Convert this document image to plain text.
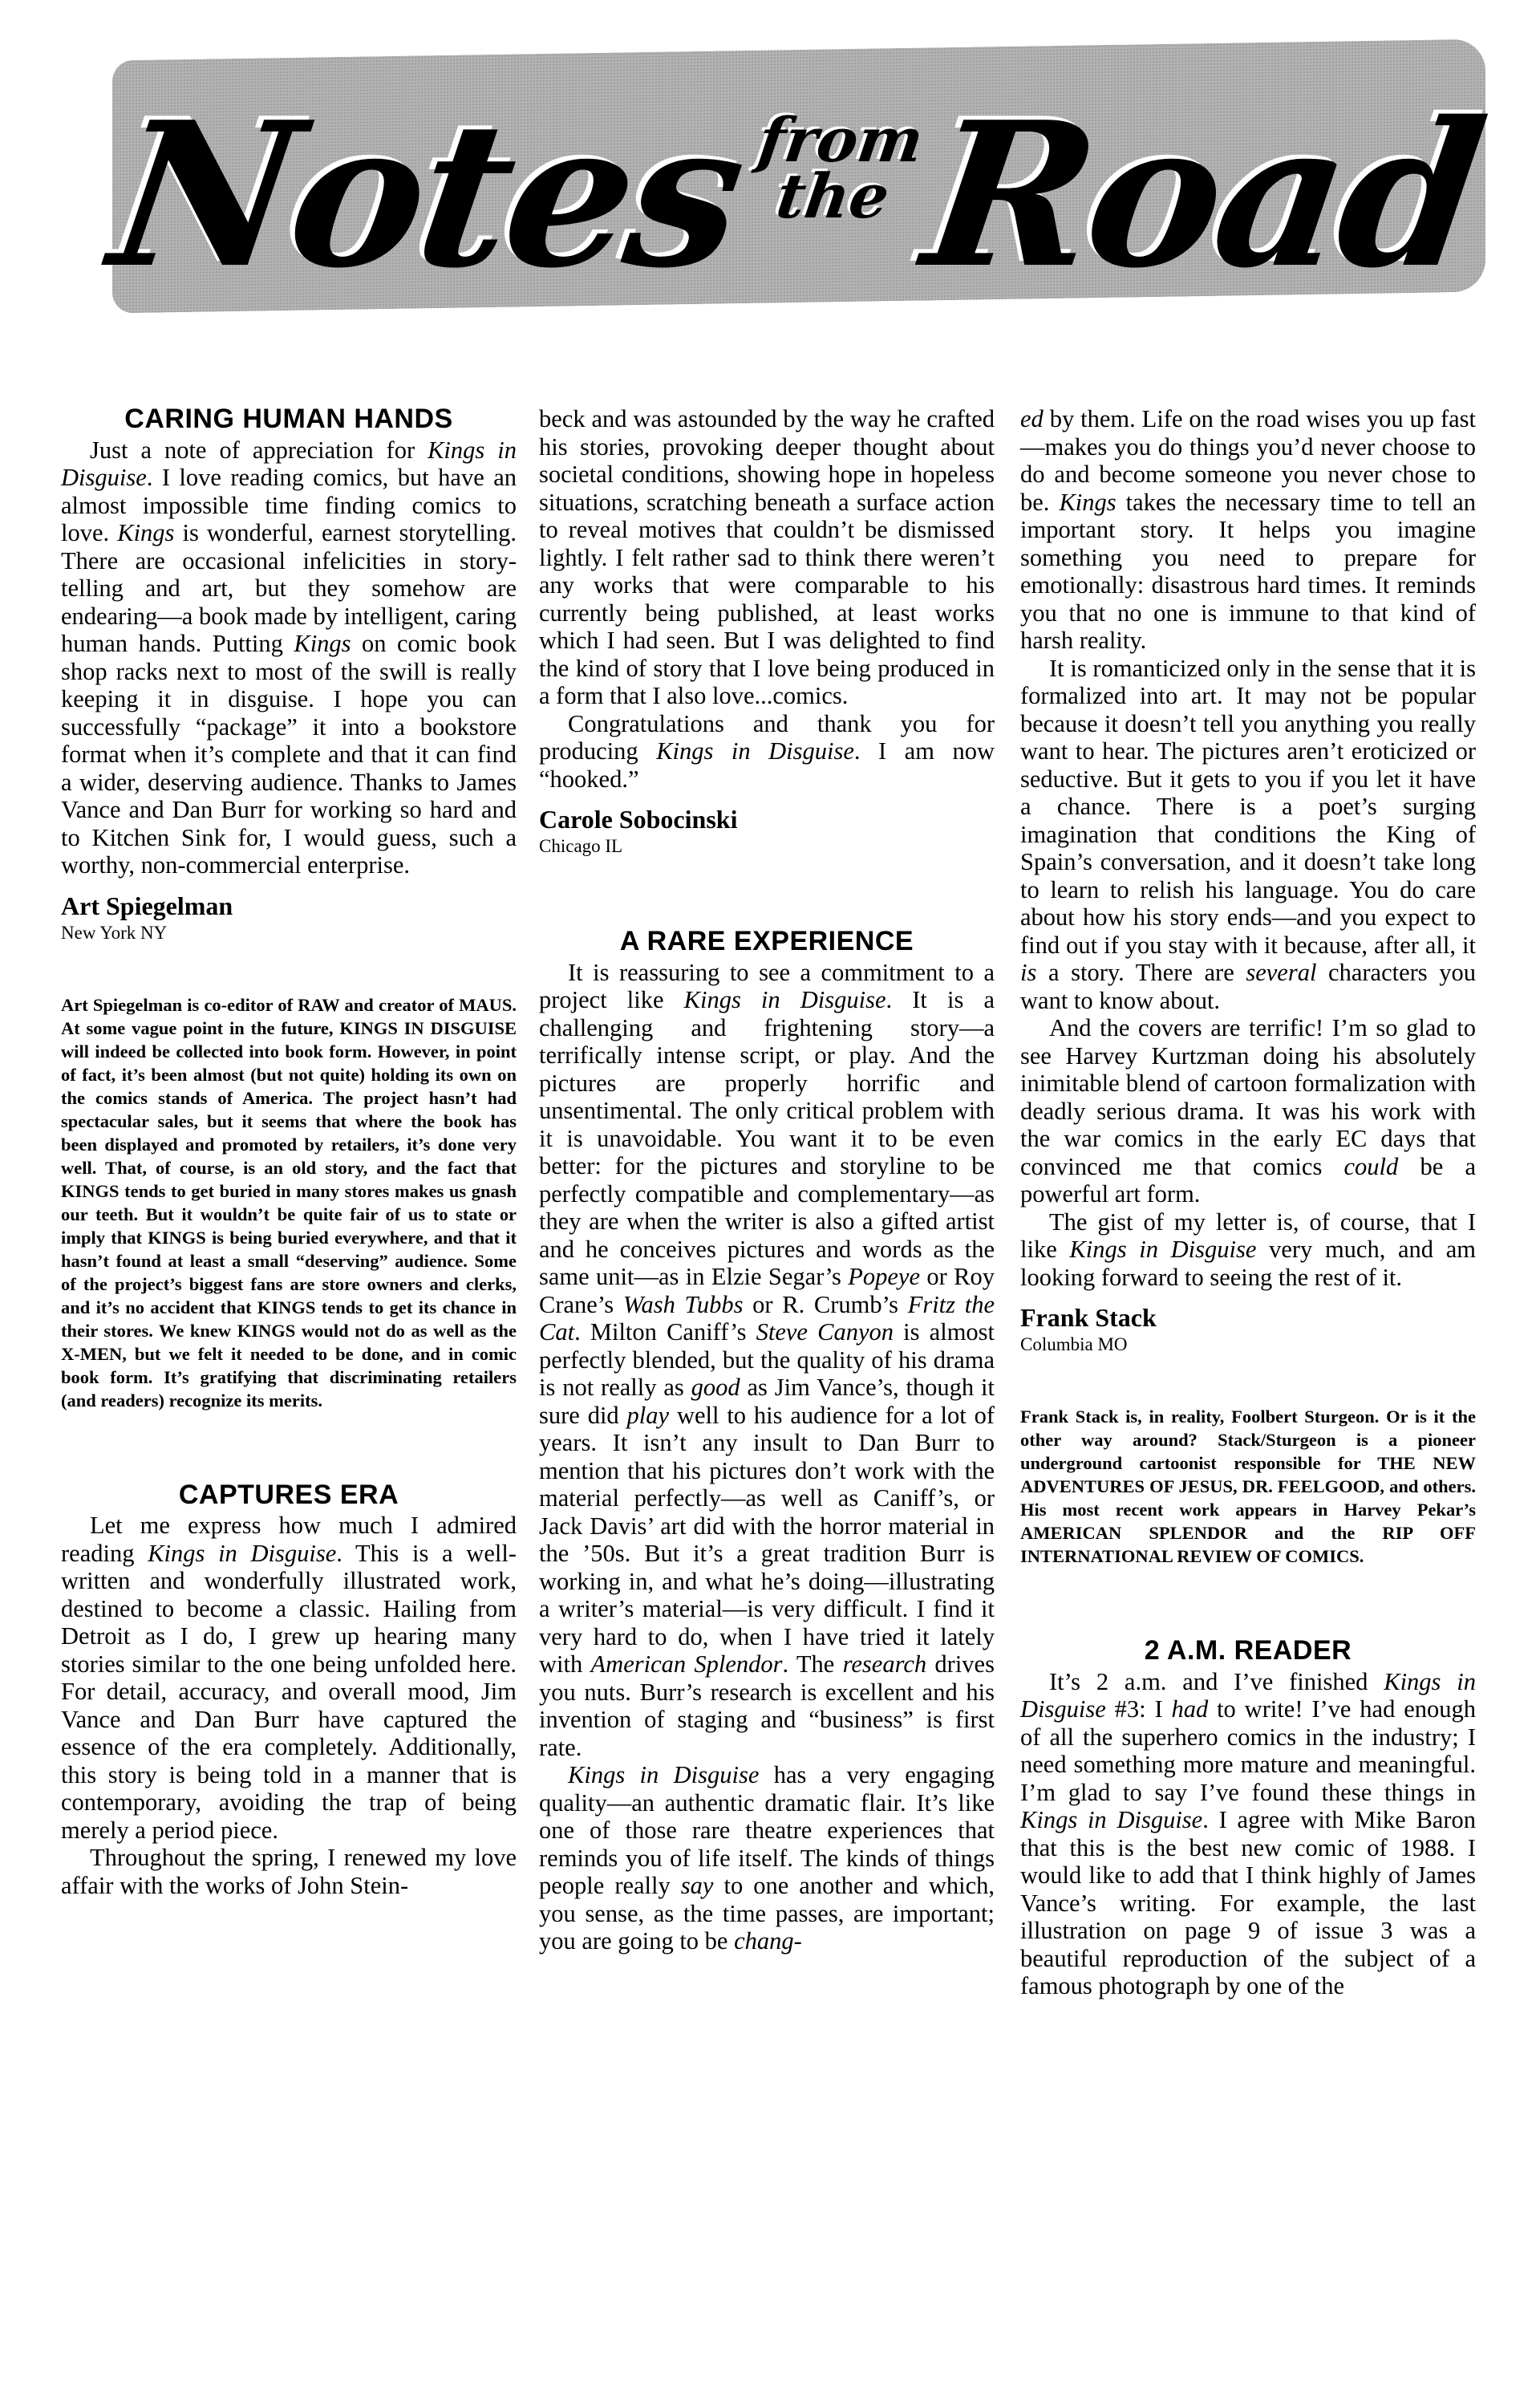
Notes from
the Road
CARING HUMAN HANDS

Just a note of appreciation for Kings in Disguise. I love reading comics, but have an almost impossible time finding comics to love. Kings is wonderful, earnest storytelling. There are occasional infelicities in story-telling and art, but they somehow are endearing—a book made by intelligent, caring human hands. Putting Kings on comic book shop racks next to most of the swill is really keeping it in disguise. I hope you can successfully “package” it into a bookstore format when it’s complete and that it can find a wider, deserving audience. Thanks to James Vance and Dan Burr for working so hard and to Kitchen Sink for, I would guess, such a worthy, non-commercial enterprise.

Art Spiegelman
New York NY

Art Spiegelman is co-editor of RAW and creator of MAUS. At some vague point in the future, KINGS IN DISGUISE will indeed be collected into book form. However, in point of fact, it’s been almost (but not quite) holding its own on the comics stands of America. The project hasn’t had spectacular sales, but it seems that where the book has been displayed and promoted by retailers, it’s done very well. That, of course, is an old story, and the fact that KINGS tends to get buried in many stores makes us gnash our teeth. But it wouldn’t be quite fair of us to state or imply that KINGS is being buried everywhere, and that it hasn’t found at least a small “deserving” audience. Some of the project’s biggest fans are store owners and clerks, and it’s no accident that KINGS tends to get its chance in their stores. We knew KINGS would not do as well as the X-MEN, but we felt it needed to be done, and in comic book form. It’s gratifying that discriminating retailers (and readers) recognize its merits.

CAPTURES ERA

Let me express how much I admired reading Kings in Disguise. This is a well-written and wonderfully illustrated work, destined to become a classic. Hailing from Detroit as I do, I grew up hearing many stories similar to the one being unfolded here. For detail, accuracy, and overall mood, Jim Vance and Dan Burr have captured the essence of the era completely. Additionally, this story is being told in a manner that is contemporary, avoiding the trap of being merely a period piece.

Throughout the spring, I renewed my love affair with the works of John Stein-

beck and was astounded by the way he crafted his stories, provoking deeper thought about societal conditions, showing hope in hopeless situations, scratching beneath a surface action to reveal motives that couldn’t be dismissed lightly. I felt rather sad to think there weren’t any works that were comparable to his currently being published, at least works which I had seen. But I was delighted to find the kind of story that I love being produced in a form that I also love...comics.

Congratulations and thank you for producing Kings in Disguise. I am now “hooked.”

Carole Sobocinski
Chicago IL
A RARE EXPERIENCE

It is reassuring to see a commitment to a project like Kings in Disguise. It is a challenging and frightening story—a terrifically intense script, or play. And the pictures are properly horrific and unsentimental. The only critical problem with it is unavoidable. You want it to be even better: for the pictures and storyline to be perfectly compatible and complementary—as they are when the writer is also a gifted artist and he conceives pictures and words as the same unit—as in Elzie Segar’s Popeye or Roy Crane’s Wash Tubbs or R. Crumb’s Fritz the Cat. Milton Caniff’s Steve Canyon is almost perfectly blended, but the quality of his drama is not really as good as Jim Vance’s, though it sure did play well to his audience for a lot of years. It isn’t any insult to Dan Burr to mention that his pictures don’t work with the material perfectly—as well as Caniff’s, or Jack Davis’ art did with the horror material in the ’50s. But it’s a great tradition Burr is working in, and what he’s doing—illustrating a writer’s material—is very difficult. I find it very hard to do, when I have tried it lately with American Splendor. The research drives you nuts. Burr’s research is excellent and his invention of staging and “business” is first rate.

Kings in Disguise has a very engaging quality—an authentic dramatic flair. It’s like one of those rare theatre experiences that reminds you of life itself. The kinds of things people really say to one another and which, you sense, as the time passes, are important; you are going to be chang-

ed by them. Life on the road wises you up fast—makes you do things you’d never choose to do and become someone you never chose to be. Kings takes the necessary time to tell an important story. It helps you imagine something you need to prepare for emotionally: disastrous hard times. It reminds you that no one is immune to that kind of harsh reality.

It is romanticized only in the sense that it is formalized into art. It may not be popular because it doesn’t tell you anything you really want to hear. The pictures aren’t eroticized or seductive. But it gets to you if you let it have a chance. There is a poet’s surging imagination that conditions the King of Spain’s conversation, and it doesn’t take long to learn to relish his language. You do care about how his story ends—and you expect to find out if you stay with it because, after all, it is a story. There are several characters you want to know about.

And the covers are terrific! I’m so glad to see Harvey Kurtzman doing his absolutely inimitable blend of cartoon formalization with deadly serious drama. It was his work with the war comics in the early EC days that convinced me that comics could be a powerful art form.

The gist of my letter is, of course, that I like Kings in Disguise very much, and am looking forward to seeing the rest of it.

Frank Stack
Columbia MO

Frank Stack is, in reality, Foolbert Sturgeon. Or is it the other way around? Stack/Sturgeon is a pioneer underground cartoonist responsible for THE NEW ADVENTURES OF JESUS, DR. FEELGOOD, and others. His most recent work appears in Harvey Pekar’s AMERICAN SPLENDOR and the RIP OFF INTERNATIONAL REVIEW OF COMICS.

2 A.M. READER

It’s 2 a.m. and I’ve finished Kings in Disguise #3: I had to write! I’ve had enough of all the superhero comics in the industry; I need something more mature and meaningful. I’m glad to say I’ve found these things in Kings in Disguise. I agree with Mike Baron that this is the best new comic of 1988. I would like to add that I think highly of James Vance’s writing. For example, the last illustration on page 9 of issue 3 was a beautiful reproduction of the subject of a famous photograph by one of the
